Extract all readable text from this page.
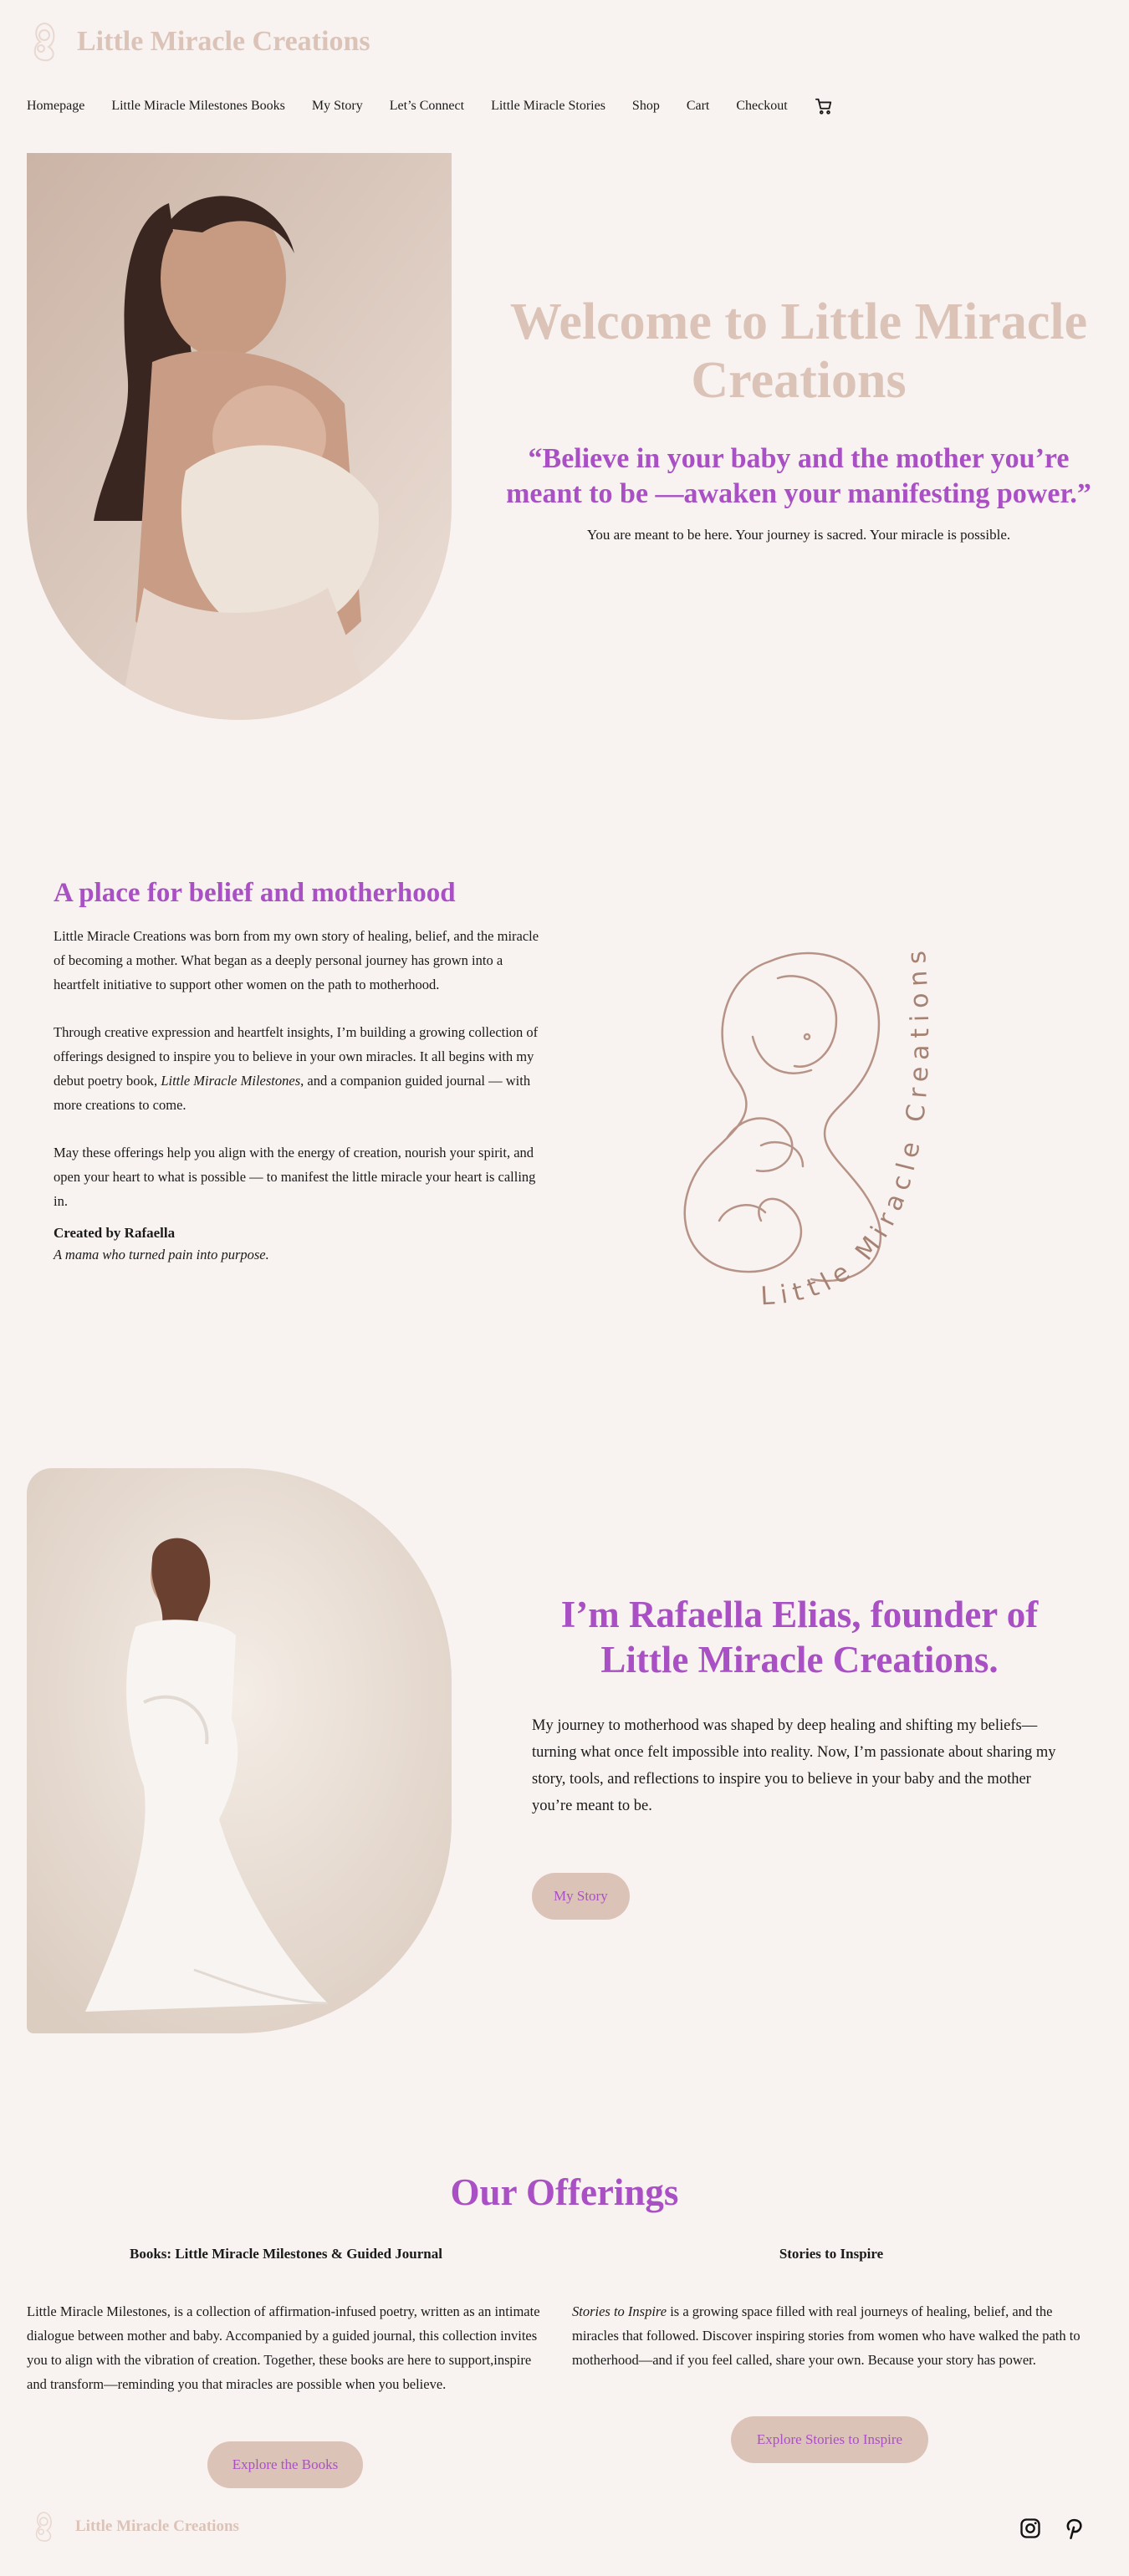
Little Miracle Creations
Homepage Little Miracle Milestones Books My Story Let’s Connect Little Miracle Stories Shop Cart Checkout
Welcome to Little Miracle Creations
“Believe in your baby and the mother you’re meant to be —awaken your manifesting power.”
You are meant to be here. Your journey is sacred. Your miracle is possible.
A place for belief and motherhood

Little Miracle Creations was born from my own story of healing, belief, and the miracle of becoming a mother. What began as a deeply personal journey has grown into a heartfelt initiative to support other women on the path to motherhood.

Through creative expression and heartfelt insights, I’m building a growing collection of offerings designed to inspire you to believe in your own miracles. It all begins with my debut poetry book, Little Miracle Milestones, and a companion guided journal — with more creations to come.

May these offerings help you align with the energy of creation, nourish your spirit, and open your heart to what is possible — to manifest the little miracle your heart is calling in.

Created by Rafaella
A mama who turned pain into purpose.
Little Miracle Creations
I’m Rafaella Elias, founder of Little Miracle Creations.

My journey to motherhood was shaped by deep healing and shifting my beliefs—turning what once felt impossible into reality. Now, I’m passionate about sharing my story, tools, and reflections to inspire you to believe in your baby and the mother you’re meant to be.

My Story
Our Offerings
Books: Little Miracle Milestones & Guided Journal

Little Miracle Milestones, is a collection of affirmation-infused poetry, written as an intimate dialogue between mother and baby. Accompanied by a guided journal, this collection invites you to align with the vibration of creation. Together, these books are here to support,inspire and transform—reminding you that miracles are possible when you believe.

Explore the Books
Stories to Inspire

Stories to Inspire is a growing space filled with real journeys of healing, belief, and the miracles that followed. Discover inspiring stories from women who have walked the path to motherhood—and if you feel called, share your own. Because your story has power.

Explore Stories to Inspire
Little Miracle Creations
